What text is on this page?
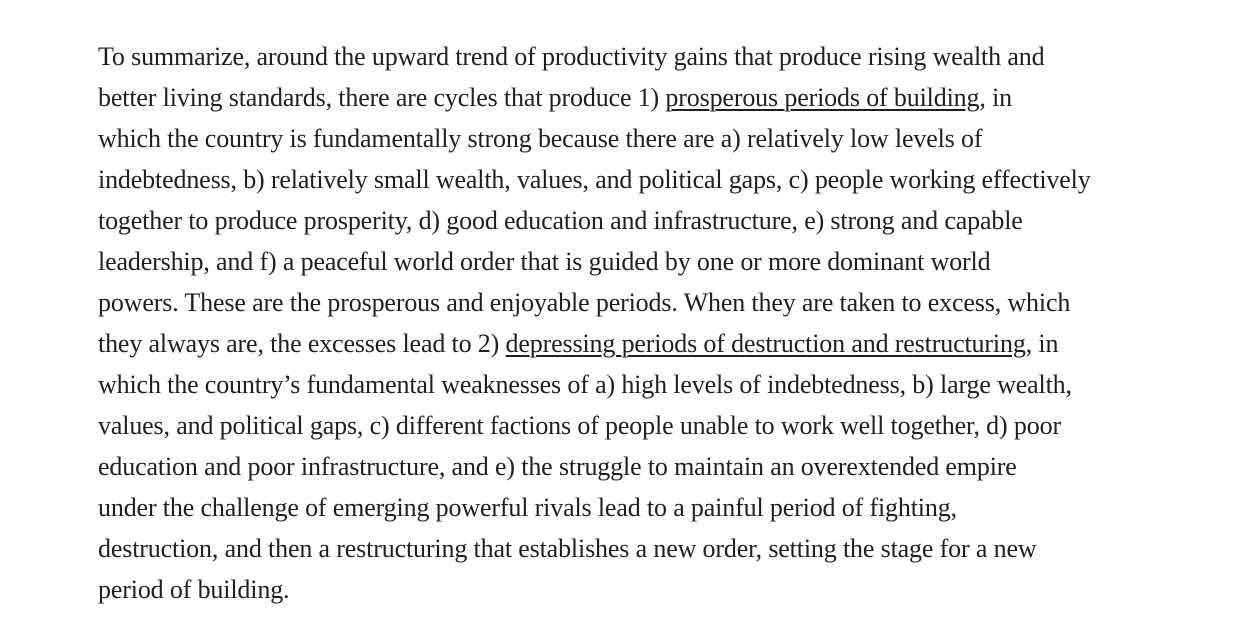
To summarize, around the upward trend of productivity gains that produce rising wealth and
better living standards, there are cycles that produce 1) prosperous periods of building, in
which the country is fundamentally strong because there are a) relatively low levels of
indebtedness, b) relatively small wealth, values, and political gaps, c) people working effectively
together to produce prosperity, d) good education and infrastructure, e) strong and capable
leadership, and f) a peaceful world order that is guided by one or more dominant world
powers. These are the prosperous and enjoyable periods. When they are taken to excess, which
they always are, the excesses lead to 2) depressing periods of destruction and restructuring, in
which the country’s fundamental weaknesses of a) high levels of indebtedness, b) large wealth,
values, and political gaps, c) different factions of people unable to work well together, d) poor
education and poor infrastructure, and e) the struggle to maintain an overextended empire
under the challenge of emerging powerful rivals lead to a painful period of fighting,
destruction, and then a restructuring that establishes a new order, setting the stage for a new
period of building.
